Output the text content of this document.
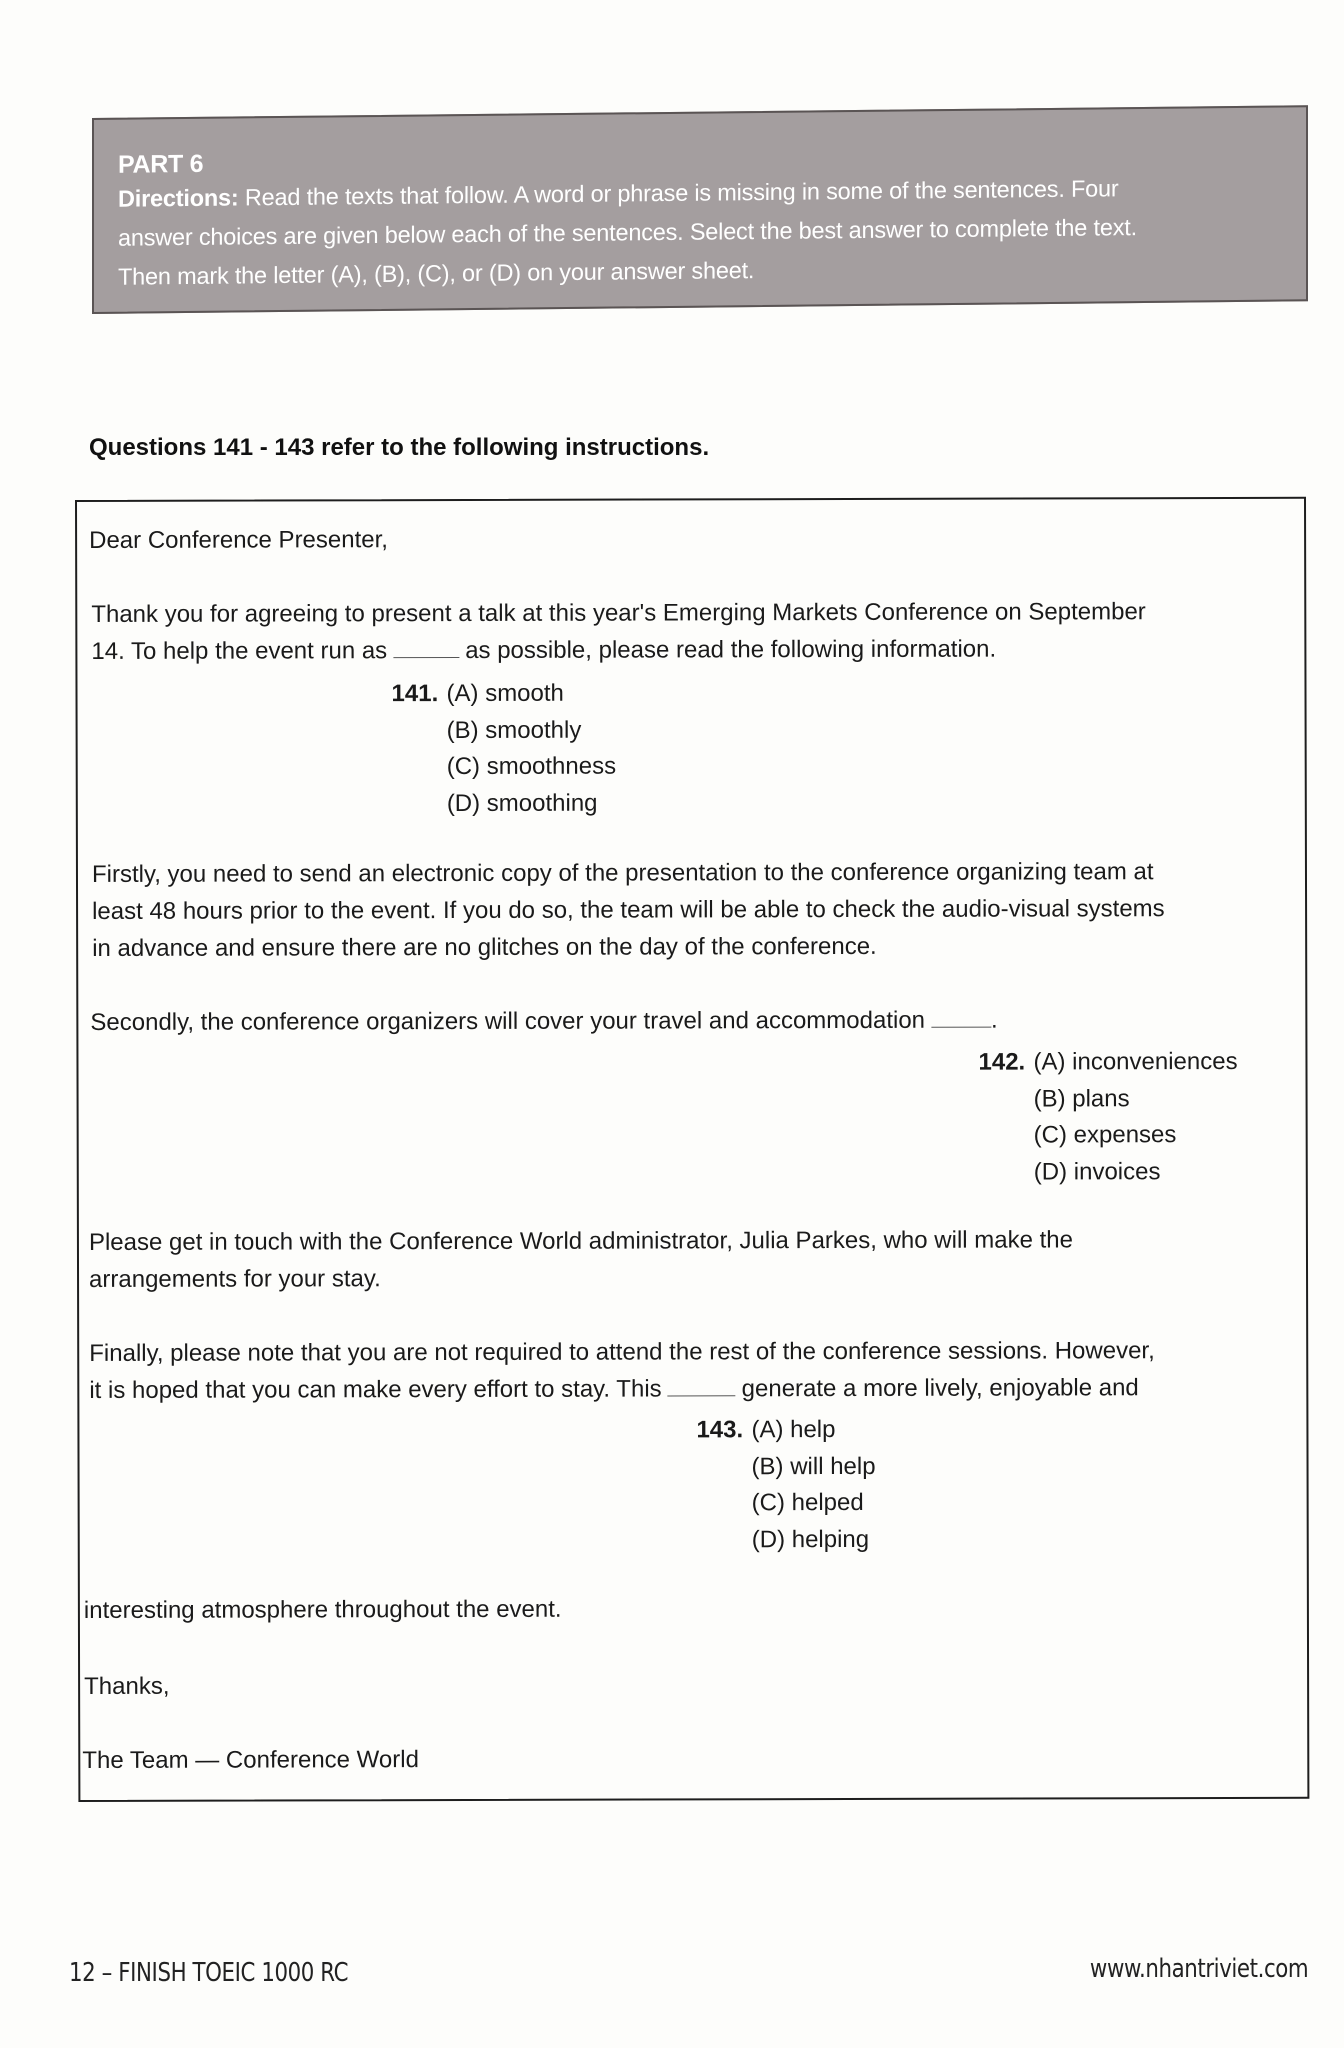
PART 6
Directions: Read the texts that follow. A word or phrase is missing in some of the sentences. Four
answer choices are given below each of the sentences. Select the best answer to complete the text.
Then mark the letter (A), (B), (C), or (D) on your answer sheet.
Questions 141 - 143 refer to the following instructions.
Dear Conference Presenter,
Thank you for agreeing to present a talk at this year's Emerging Markets Conference on September
14. To help the event run as	as possible, please read the following information.
141. (A) smooth
(B) smoothly
(C) smoothness
(D) smoothing
Firstly, you need to send an electronic copy of the presentation to the conference organizing team at
least 48 hours prior to the event. If you do so, the team will be able to check the audio-visual systems
in advance and ensure there are no glitches on the day of the conference.
Secondly, the conference organizers will cover your travel and accommodation	.
142. (A) inconveniences
(B) plans
(C) expenses
(D) invoices
Please get in touch with the Conference World administrator, Julia Parkes, who will make the
arrangements for your stay.
Finally, please note that you are not required to attend the rest of the conference sessions. However,
it is hoped that you can make every effort to stay. This	generate a more lively, enjoyable and
143. (A) help
(B) will help
(C) helped
(D) helping
interesting atmosphere throughout the event.
Thanks,
The Team — Conference World
12 – FINISH TOEIC 1000 RC	www.nhantriviet.com
